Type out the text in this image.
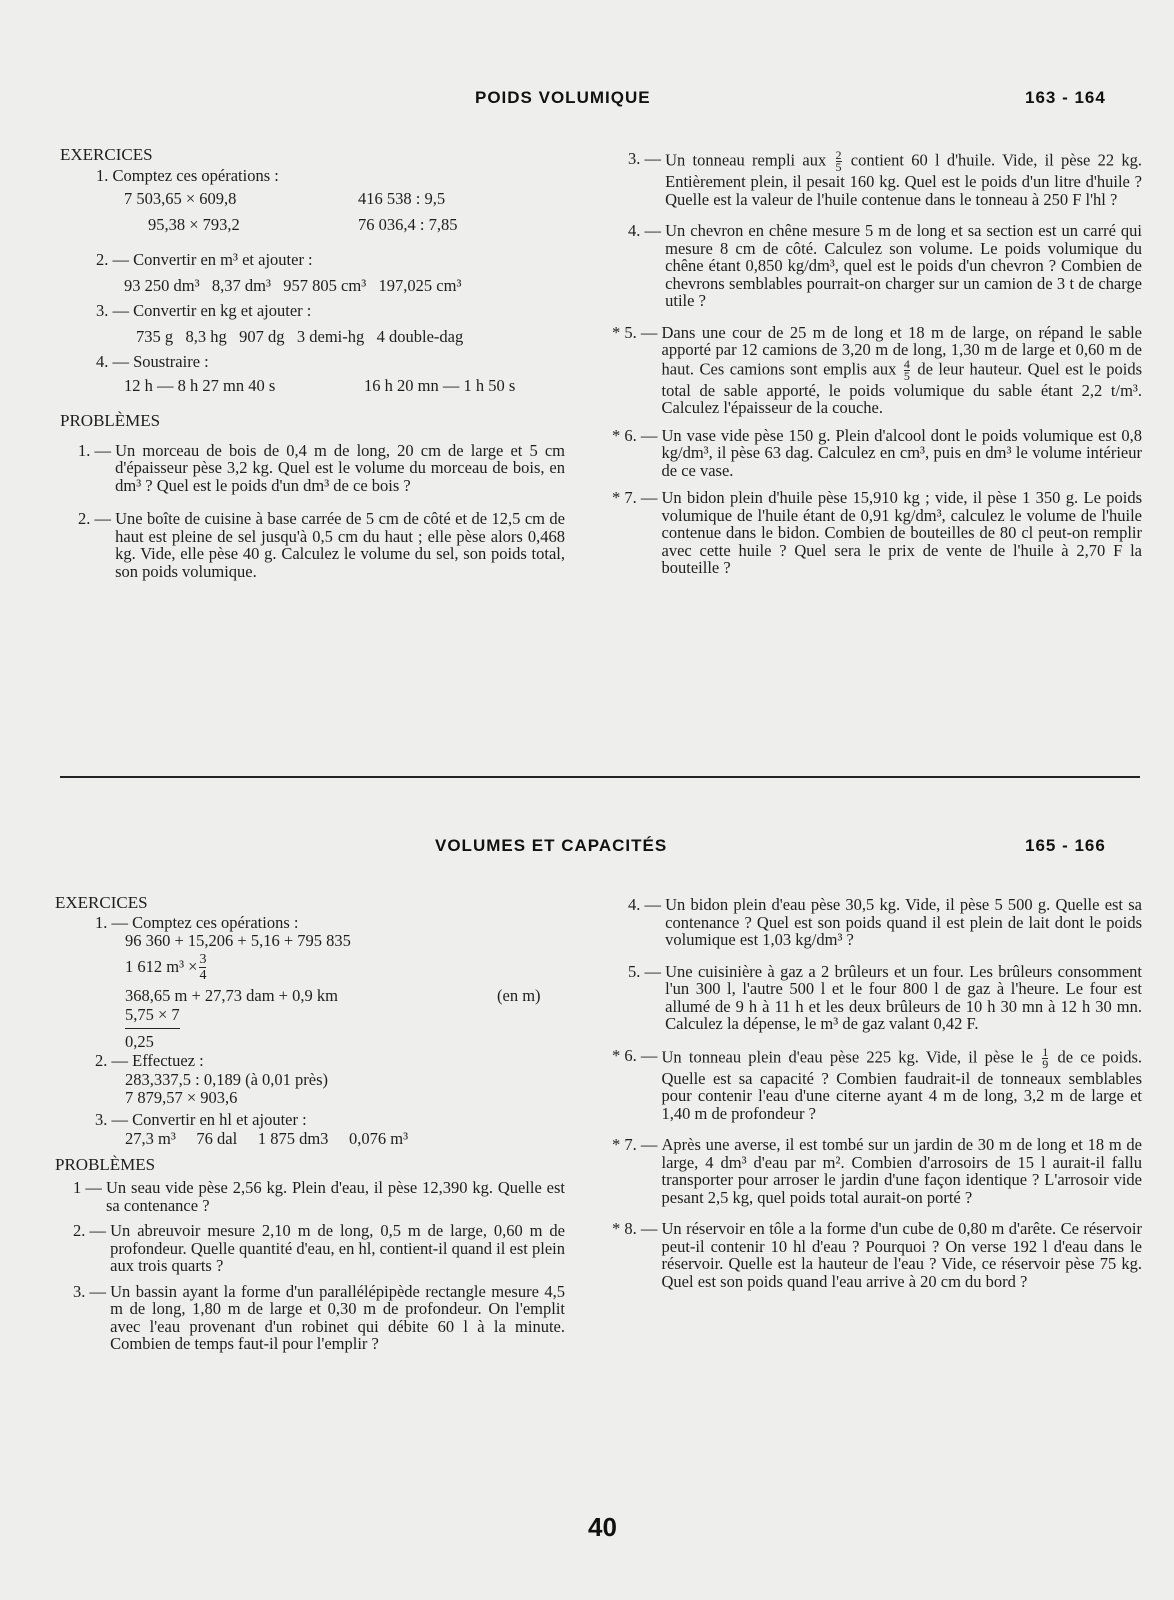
POIDS VOLUMIQUE	163 - 164

EXERCICES

1. Comptez ces opérations :

7 503,65 × 609,8	416 538 : 9,5
95,38 × 793,2	76 036,4 : 7,85

2. — Convertir en m³ et ajouter :

93 250 dm³   8,37 dm³   957 805 cm³   197,025 cm³

3. — Convertir en kg et ajouter :

735 g   8,3 hg   907 dg   3 demi-hg   4 double-dag

4. — Soustraire :

12 h — 8 h 27 mn 40 s	16 h 20 mn — 1 h 50 s

PROBLÈMES

1. — Un morceau de bois de 0,4 m de long, 20 cm de large et 5 cm d'épaisseur pèse 3,2 kg. Quel est le volume du morceau de bois, en dm³ ? Quel est le poids d'un dm³ de ce bois ?
2. — Une boîte de cuisine à base carrée de 5 cm de côté et de 12,5 cm de haut est pleine de sel jusqu'à 0,5 cm du haut ; elle pèse alors 0,468 kg. Vide, elle pèse 40 g. Calculez le volume du sel, son poids total, son poids volumique.
3. — Un tonneau rempli aux $\frac{2}{5}$ contient 60 l d'huile. Vide, il pèse 22 kg. Entièrement plein, il pesait 160 kg. Quel est le poids d'un litre d'huile ? Quelle est la valeur de l'huile contenue dans le tonneau à 250 F l'hl ?
4. — Un chevron en chêne mesure 5 m de long et sa section est un carré qui mesure 8 cm de côté. Calculez son volume. Le poids volumique du chêne étant 0,850 kg/dm³, quel est le poids d'un chevron ? Combien de chevrons semblables pourrait-on charger sur un camion de 3 t de charge utile ?
* 5. — Dans une cour de 25 m de long et 18 m de large, on répand le sable apporté par 12 camions de 3,20 m de long, 1,30 m de large et 0,60 m de haut. Ces camions sont emplis aux $\frac{4}{5}$ de leur hauteur. Quel est le poids total de sable apporté, le poids volumique du sable étant 2,2 t/m³. Calculez l'épaisseur de la couche.
* 6. — Un vase vide pèse 150 g. Plein d'alcool dont le poids volumique est 0,8 kg/dm³, il pèse 63 dag. Calculez en cm³, puis en dm³ le volume intérieur de ce vase.
* 7. — Un bidon plein d'huile pèse 15,910 kg ; vide, il pèse 1 350 g. Le poids volumique de l'huile étant de 0,91 kg/dm³, calculez le volume de l'huile contenue dans le bidon. Combien de bouteilles de 80 cl peut-on remplir avec cette huile ? Quel sera le prix de vente de l'huile à 2,70 F la bouteille ?
VOLUMES ET CAPACITÉS	165 - 166

EXERCICES

1. — Comptez ces opérations :

96 360 + 15,206 + 5,16 + 795 835

1 612 $m^3 \times \frac{3}{4}$
368,65 m + 27,73 dam + 0,9 km	(en m)
$\frac{5,75 \times 7}{0,25}$

2. — Effectuez :

283,337,5 : 0,189 (à 0,01 près)

7 879,57 × 903,6

3. — Convertir en hl et ajouter :

27,3 m³     76 dal     1 875 dm3     0,076 m³

PROBLÈMES

1 — Un seau vide pèse 2,56 kg. Plein d'eau, il pèse 12,390 kg. Quelle est sa contenance ?
2. — Un abreuvoir mesure 2,10 m de long, 0,5 m de large, 0,60 m de profondeur. Quelle quantité d'eau, en hl, contient-il quand il est plein aux trois quarts ?
3. — Un bassin ayant la forme d'un parallélépipède rectangle mesure 4,5 m de long, 1,80 m de large et 0,30 m de profondeur. On l'emplit avec l'eau provenant d'un robinet qui débite 60 l à la minute. Combien de temps faut-il pour l'emplir ?
4. — Un bidon plein d'eau pèse 30,5 kg. Vide, il pèse 5 500 g. Quelle est sa contenance ? Quel est son poids quand il est plein de lait dont le poids volumique est 1,03 kg/dm³ ?
5. — Une cuisinière à gaz a 2 brûleurs et un four. Les brûleurs consomment l'un 300 l, l'autre 500 l et le four 800 l de gaz à l'heure. Le four est allumé de 9 h à 11 h et les deux brûleurs de 10 h 30 mn à 12 h 30 mn. Calculez la dépense, le m³ de gaz valant 0,42 F.
* 6. — Un tonneau plein d'eau pèse 225 kg. Vide, il pèse le $\frac{1}{9}$ de ce poids. Quelle est sa capacité ? Combien faudrait-il de tonneaux semblables pour contenir l'eau d'une citerne ayant 4 m de long, 3,2 m de large et 1,40 m de profondeur ?
* 7. — Après une averse, il est tombé sur un jardin de 30 m de long et 18 m de large, 4 dm³ d'eau par m². Combien d'arrosoirs de 15 l aurait-il fallu transporter pour arroser le jardin d'une façon identique ? L'arrosoir vide pesant 2,5 kg, quel poids total aurait-on porté ?
* 8. — Un réservoir en tôle a la forme d'un cube de 0,80 m d'arête. Ce réservoir peut-il contenir 10 hl d'eau ? Pourquoi ? On verse 192 l d'eau dans le réservoir. Quelle est la hauteur de l'eau ? Vide, ce réservoir pèse 75 kg. Quel est son poids quand l'eau arrive à 20 cm du bord ?
40
